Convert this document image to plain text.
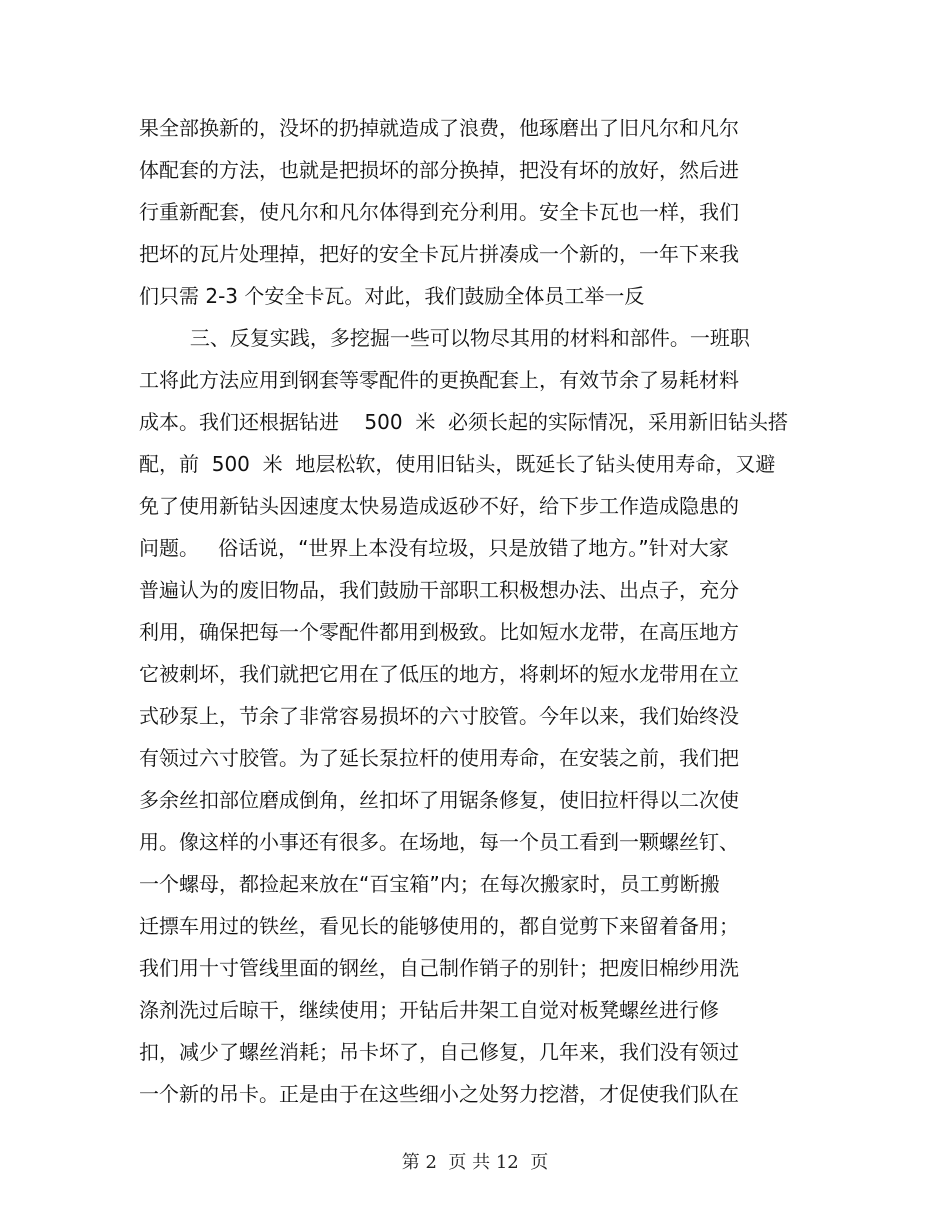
果全部换新的，没坏的扔掉就造成了浪费，他琢磨出了旧凡尔和凡尔
体配套的方法，也就是把损坏的部分换掉，把没有坏的放好，然后进
行重新配套，使凡尔和凡尔体得到充分利用。安全卡瓦也一样，我们
把坏的瓦片处理掉，把好的安全卡瓦片拼凑成一个新的，一年下来我
们只需 2-3 个安全卡瓦。对此，我们鼓励全体员工举一反
三、反复实践，多挖掘一些可以物尽其用的材料和部件。一班职
工将此方法应用到钢套等零配件的更换配套上，有效节余了易耗材料
成本。我们还根据钻进    500  米  必须长起的实际情况，采用新旧钻头搭
配，前  500  米  地层松软，使用旧钻头，既延长了钻头使用寿命，又避
免了使用新钻头因速度太快易造成返砂不好，给下步工作造成隐患的
问题。   俗话说，“世界上本没有垃圾，只是放错了地方。”针对大家
普遍认为的废旧物品，我们鼓励干部职工积极想办法、出点子，充分
利用，确保把每一个零配件都用到极致。比如短水龙带，在高压地方
它被刺坏，我们就把它用在了低压的地方，将刺坏的短水龙带用在立
式砂泵上，节余了非常容易损坏的六寸胶管。今年以来，我们始终没
有领过六寸胶管。为了延长泵拉杆的使用寿命，在安装之前，我们把
多余丝扣部位磨成倒角，丝扣坏了用锯条修复，使旧拉杆得以二次使
用。像这样的小事还有很多。在场地，每一个员工看到一颗螺丝钉、
一个螺母，都捡起来放在“百宝箱”内；在每次搬家时，员工剪断搬
迁摽车用过的铁丝，看见长的能够使用的，都自觉剪下来留着备用；
我们用十寸管线里面的钢丝，自己制作销子的别针；把废旧棉纱用洗
涤剂洗过后晾干，继续使用；开钻后井架工自觉对板凳螺丝进行修
扣，减少了螺丝消耗；吊卡坏了，自己修复，几年来，我们没有领过
一个新的吊卡。正是由于在这些细小之处努力挖潜，才促使我们队在
第 2  页 共 12  页
